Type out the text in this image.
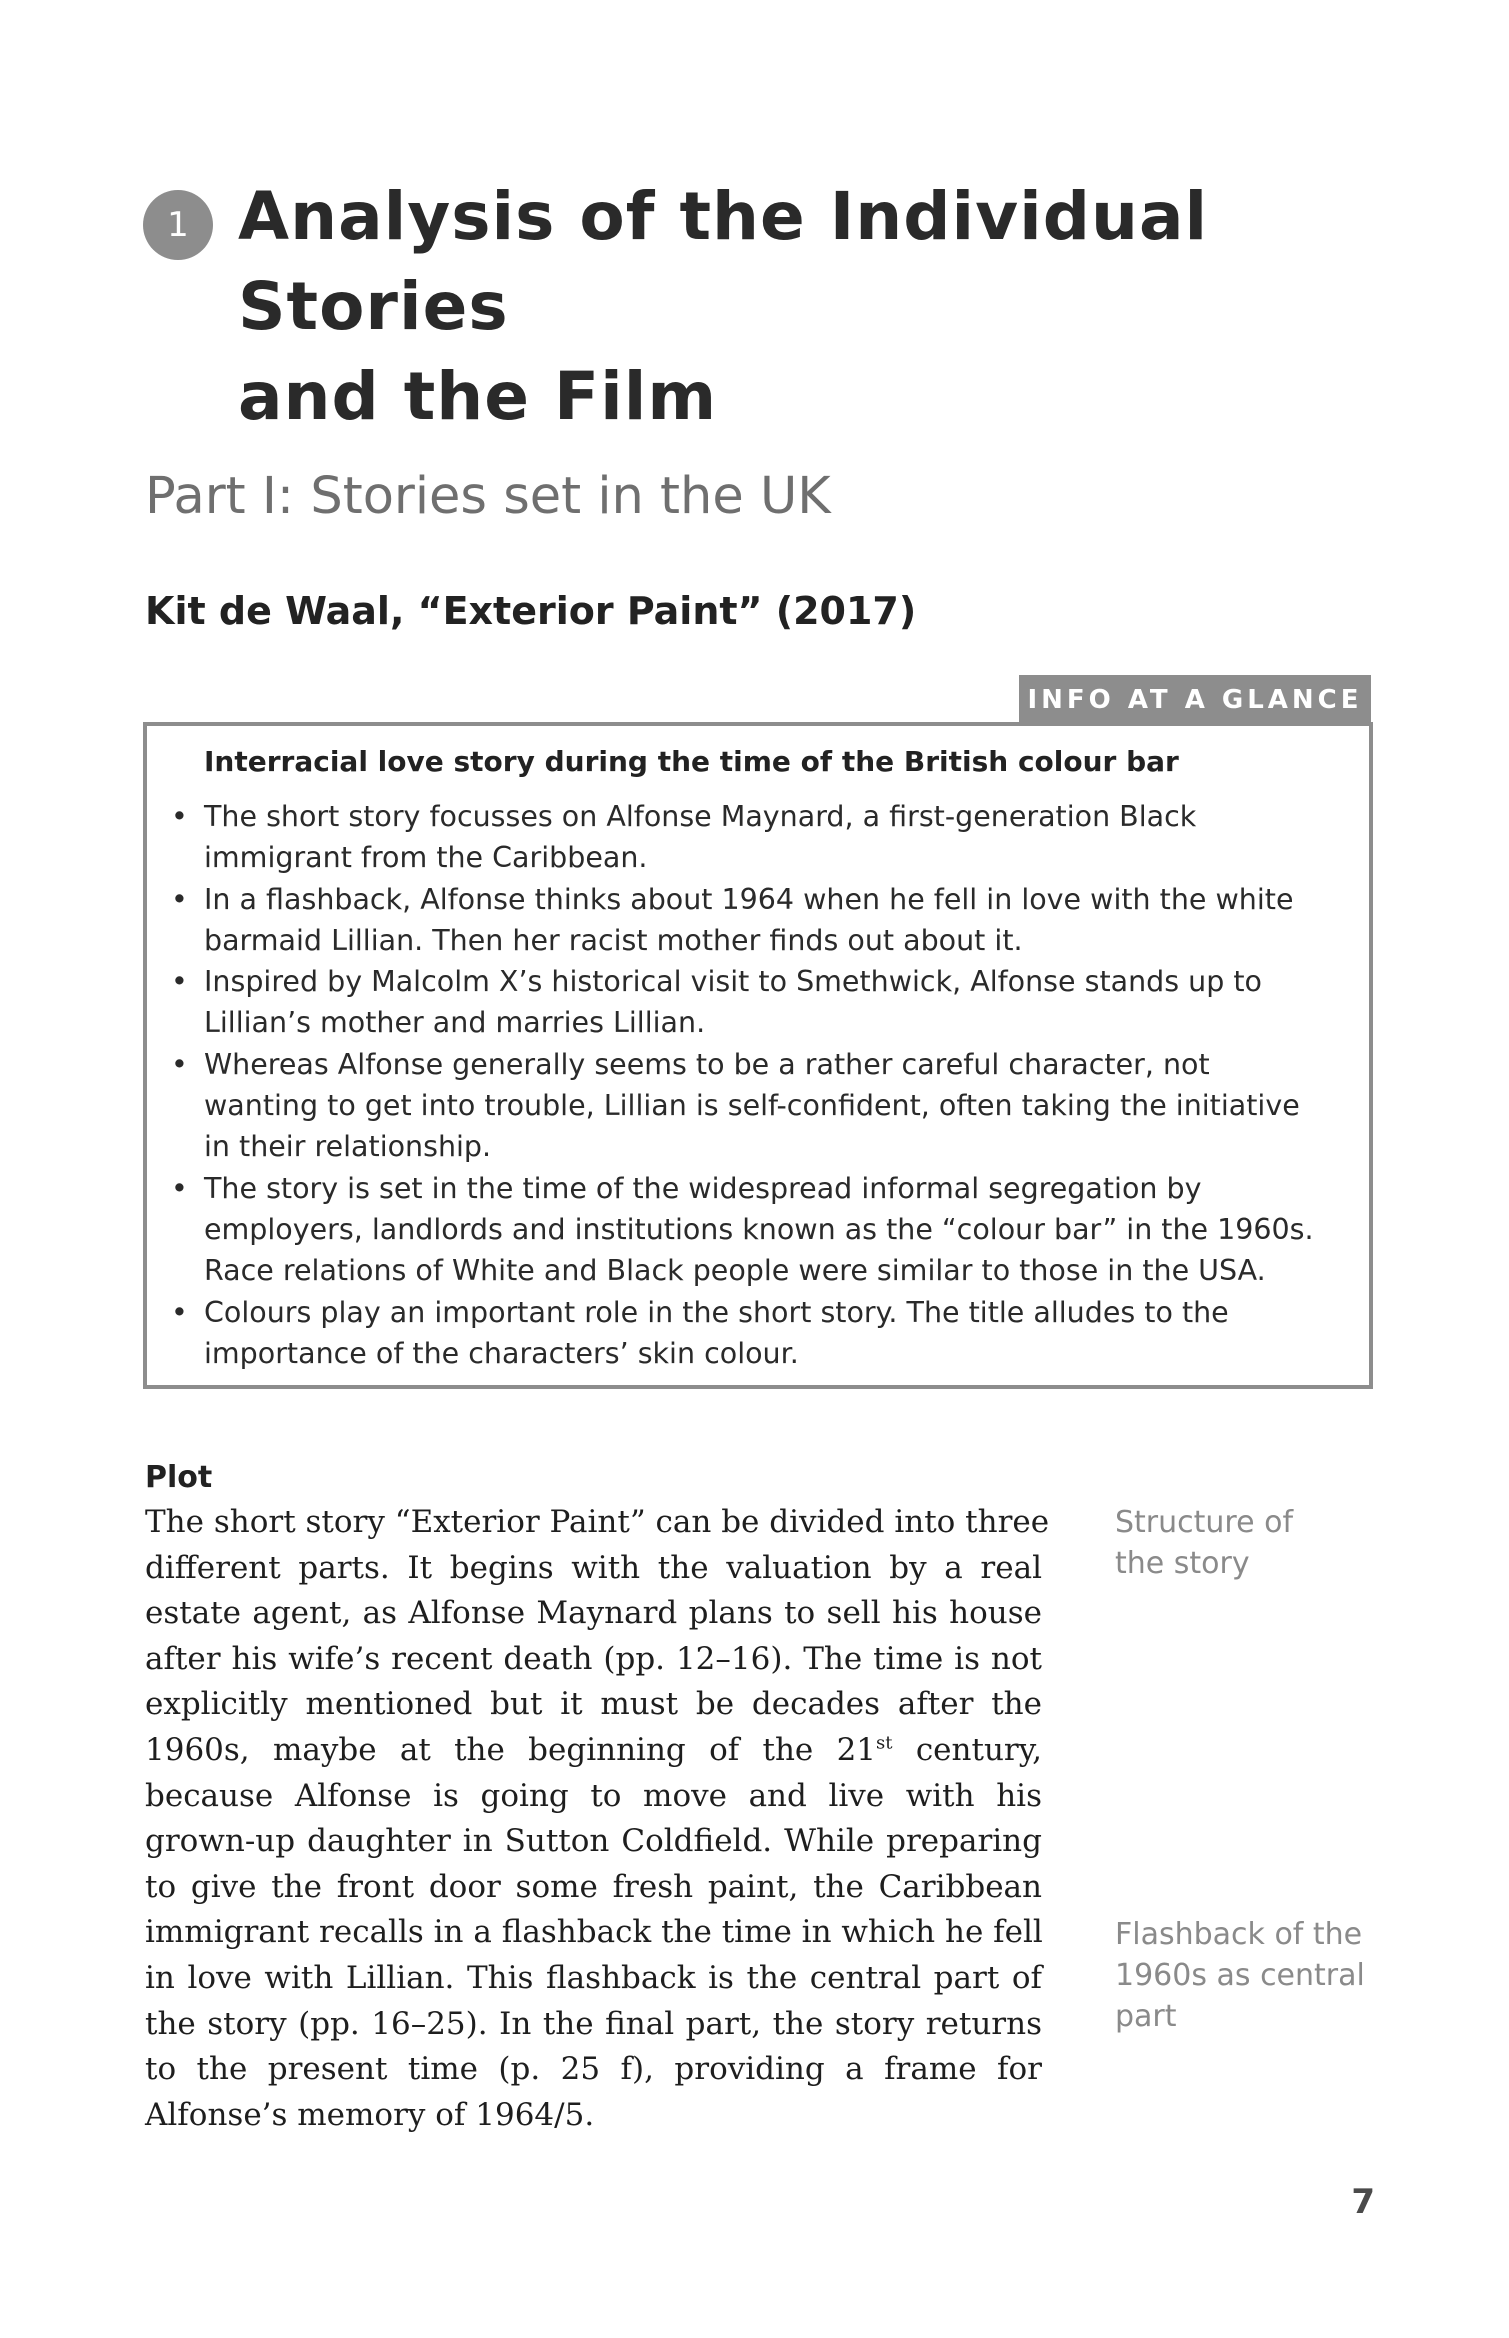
1 Analysis of the Individual Stories
and the Film
Part I: Stories set in the UK
Kit de Waal, “Exterior Paint” (2017)
INFO AT A GLANCE

Interracial love story during the time of the British colour bar

• The short story focusses on Alfonse Maynard, a first-generation Black
immigrant from the Caribbean.
• In a flashback, Alfonse thinks about 1964 when he fell in love with the white
barmaid Lillian. Then her racist mother finds out about it.
• Inspired by Malcolm X’s historical visit to Smethwick, Alfonse stands up to
Lillian’s mother and marries Lillian.
• Whereas Alfonse generally seems to be a rather careful character, not
wanting to get into trouble, Lillian is self-confident, often taking the initiative
in their relationship.
• The story is set in the time of the widespread informal segregation by
employers, landlords and institutions known as the “colour bar” in the 1960s.
Race relations of White and Black people were similar to those in the USA.
• Colours play an important role in the short story. The title alludes to the
importance of the characters’ skin colour.
Plot
The short story “Exterior Paint” can be divided into three
different parts. It begins with the valuation by a real
estate agent, as Alfonse Maynard plans to sell his house
after his wife’s recent death (pp. 12–16). The time is not
explicitly mentioned but it must be decades after the
1960s, maybe at the beginning of the 21st century,
because Alfonse is going to move and live with his
grown-up daughter in Sutton Coldfield. While preparing
to give the front door some fresh paint, the Caribbean
immigrant recalls in a flashback the time in which he fell
in love with Lillian. This flashback is the central part of
the story (pp. 16–25). In the final part, the story returns
to the present time (p. 25 f), providing a frame for
Alfonse’s memory of 1964/5.

Structure of
the story

Flashback of the
1960s as central
part

7
